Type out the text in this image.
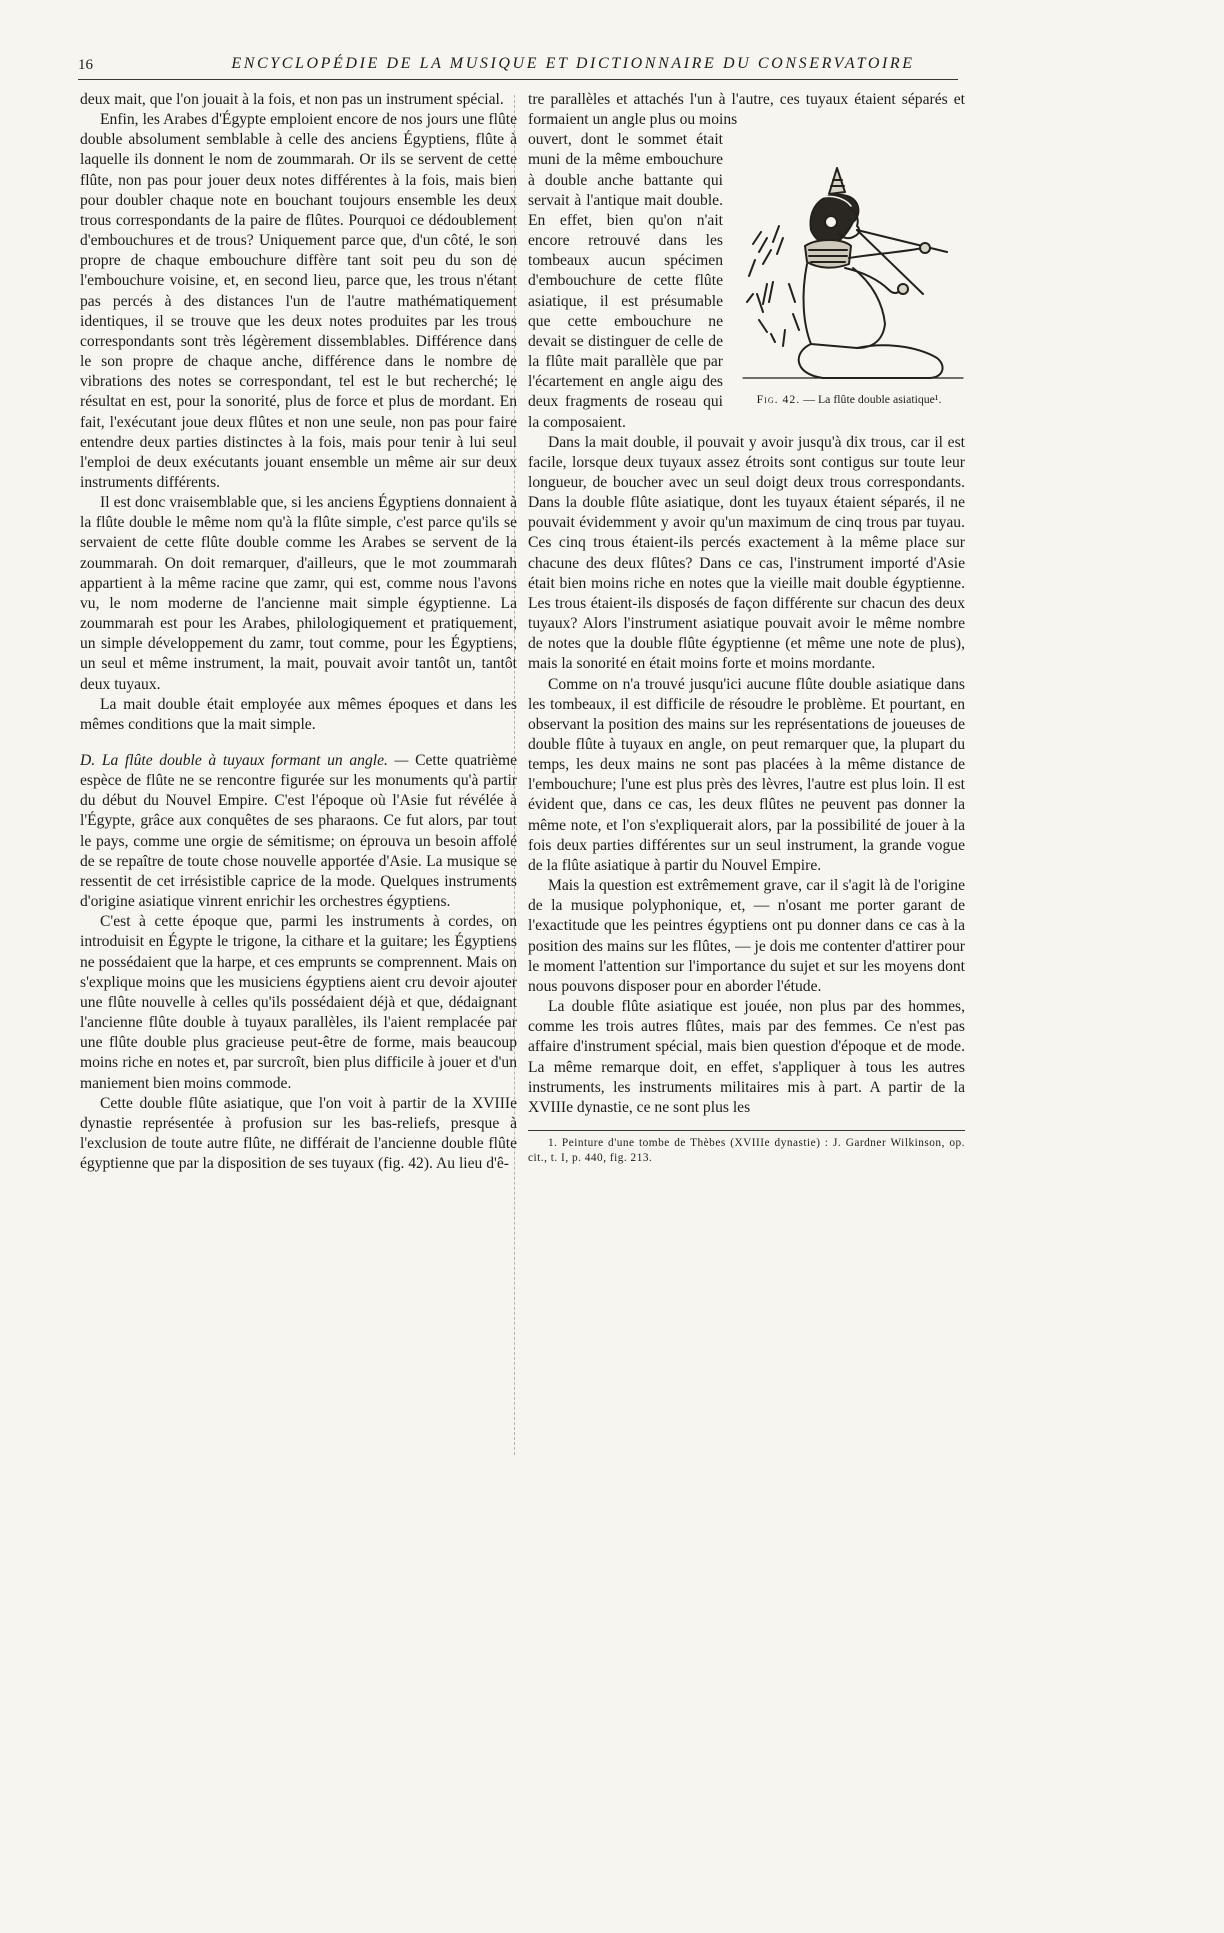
16	ENCYCLOPÉDIE DE LA MUSIQUE ET DICTIONNAIRE DU CONSERVATOIRE

deux mait, que l'on jouait à la fois, et non pas un instrument spécial.

Enfin, les Arabes d'Égypte emploient encore de nos jours une flûte double absolument semblable à celle des anciens Égyptiens, flûte à laquelle ils donnent le nom de zoummarah. Or ils se servent de cette flûte, non pas pour jouer deux notes différentes à la fois, mais bien pour doubler chaque note en bouchant toujours ensemble les deux trous correspondants de la paire de flûtes. Pourquoi ce dédoublement d'embouchures et de trous? Uniquement parce que, d'un côté, le son propre de chaque embouchure diffère tant soit peu du son de l'embouchure voisine, et, en second lieu, parce que, les trous n'étant pas percés à des distances l'un de l'autre mathématiquement identiques, il se trouve que les deux notes produites par les trous correspondants sont très légèrement dissemblables. Différence dans le son propre de chaque anche, différence dans le nombre de vibrations des notes se correspondant, tel est le but recherché; le résultat en est, pour la sonorité, plus de force et plus de mordant. En fait, l'exécutant joue deux flûtes et non une seule, non pas pour faire entendre deux parties distinctes à la fois, mais pour tenir à lui seul l'emploi de deux exécutants jouant ensemble un même air sur deux instruments différents.

Il est donc vraisemblable que, si les anciens Égyptiens donnaient à la flûte double le même nom qu'à la flûte simple, c'est parce qu'ils se servaient de cette flûte double comme les Arabes se servent de la zoummarah. On doit remarquer, d'ailleurs, que le mot zoummarah appartient à la même racine que zamr, qui est, comme nous l'avons vu, le nom moderne de l'ancienne mait simple égyptienne. La zoummarah est pour les Arabes, philologiquement et pratiquement, un simple développement du zamr, tout comme, pour les Égyptiens, un seul et même instrument, la mait, pouvait avoir tantôt un, tantôt deux tuyaux.

La mait double était employée aux mêmes époques et dans les mêmes conditions que la mait simple.

D. La flûte double à tuyaux formant un angle. — Cette quatrième espèce de flûte ne se rencontre figurée sur les monuments qu'à partir du début du Nouvel Empire. C'est l'époque où l'Asie fut révélée à l'Égypte, grâce aux conquêtes de ses pharaons. Ce fut alors, par tout le pays, comme une orgie de sémitisme; on éprouva un besoin affolé de se repaître de toute chose nouvelle apportée d'Asie. La musique se ressentit de cet irrésistible caprice de la mode. Quelques instruments d'origine asiatique vinrent enrichir les orchestres égyptiens.

C'est à cette époque que, parmi les instruments à cordes, on introduisit en Égypte le trigone, la cithare et la guitare; les Égyptiens ne possédaient que la harpe, et ces emprunts se comprennent. Mais on s'explique moins que les musiciens égyptiens aient cru devoir ajouter une flûte nouvelle à celles qu'ils possédaient déjà et que, dédaignant l'ancienne flûte double à tuyaux parallèles, ils l'aient remplacée par une flûte double plus gracieuse peut-être de forme, mais beaucoup moins riche en notes et, par surcroît, bien plus difficile à jouer et d'un maniement bien moins commode.

Cette double flûte asiatique, que l'on voit à partir de la XVIIIe dynastie représentée à profusion sur les bas-reliefs, presque à l'exclusion de toute autre flûte, ne différait de l'ancienne double flûte égyptienne que par la disposition de ses tuyaux (fig. 42). Au lieu d'ê-

tre parallèles et attachés l'un à l'autre, ces tuyaux étaient séparés et formaient un angle plus ou moins

Fig. 42. — La flûte double asiatique¹.

ouvert, dont le sommet était muni de la même embouchure à double anche battante qui servait à l'antique mait double. En effet, bien qu'on n'ait encore retrouvé dans les tombeaux aucun spécimen d'embouchure de cette flûte asiatique, il est présumable que cette embouchure ne devait se distinguer de celle de la flûte mait parallèle que par l'écartement en angle aigu des deux fragments de roseau qui la composaient.

Dans la mait double, il pouvait y avoir jusqu'à dix trous, car il est facile, lorsque deux tuyaux assez étroits sont contigus sur toute leur longueur, de boucher avec un seul doigt deux trous correspondants. Dans la double flûte asiatique, dont les tuyaux étaient séparés, il ne pouvait évidemment y avoir qu'un maximum de cinq trous par tuyau. Ces cinq trous étaient-ils percés exactement à la même place sur chacune des deux flûtes? Dans ce cas, l'instrument importé d'Asie était bien moins riche en notes que la vieille mait double égyptienne. Les trous étaient-ils disposés de façon différente sur chacun des deux tuyaux? Alors l'instrument asiatique pouvait avoir le même nombre de notes que la double flûte égyptienne (et même une note de plus), mais la sonorité en était moins forte et moins mordante.

Comme on n'a trouvé jusqu'ici aucune flûte double asiatique dans les tombeaux, il est difficile de résoudre le problème. Et pourtant, en observant la position des mains sur les représentations de joueuses de double flûte à tuyaux en angle, on peut remarquer que, la plupart du temps, les deux mains ne sont pas placées à la même distance de l'embouchure; l'une est plus près des lèvres, l'autre est plus loin. Il est évident que, dans ce cas, les deux flûtes ne peuvent pas donner la même note, et l'on s'expliquerait alors, par la possibilité de jouer à la fois deux parties différentes sur un seul instrument, la grande vogue de la flûte asiatique à partir du Nouvel Empire.

Mais la question est extrêmement grave, car il s'agit là de l'origine de la musique polyphonique, et, — n'osant me porter garant de l'exactitude que les peintres égyptiens ont pu donner dans ce cas à la position des mains sur les flûtes, — je dois me contenter d'attirer pour le moment l'attention sur l'importance du sujet et sur les moyens dont nous pouvons disposer pour en aborder l'étude.

La double flûte asiatique est jouée, non plus par des hommes, comme les trois autres flûtes, mais par des femmes. Ce n'est pas affaire d'instrument spécial, mais bien question d'époque et de mode. La même remarque doit, en effet, s'appliquer à tous les autres instruments, les instruments militaires mis à part. A partir de la XVIIIe dynastie, ce ne sont plus les

1. Peinture d'une tombe de Thèbes (XVIIIe dynastie) : J. Gardner Wilkinson, op. cit., t. I, p. 440, fig. 213.
